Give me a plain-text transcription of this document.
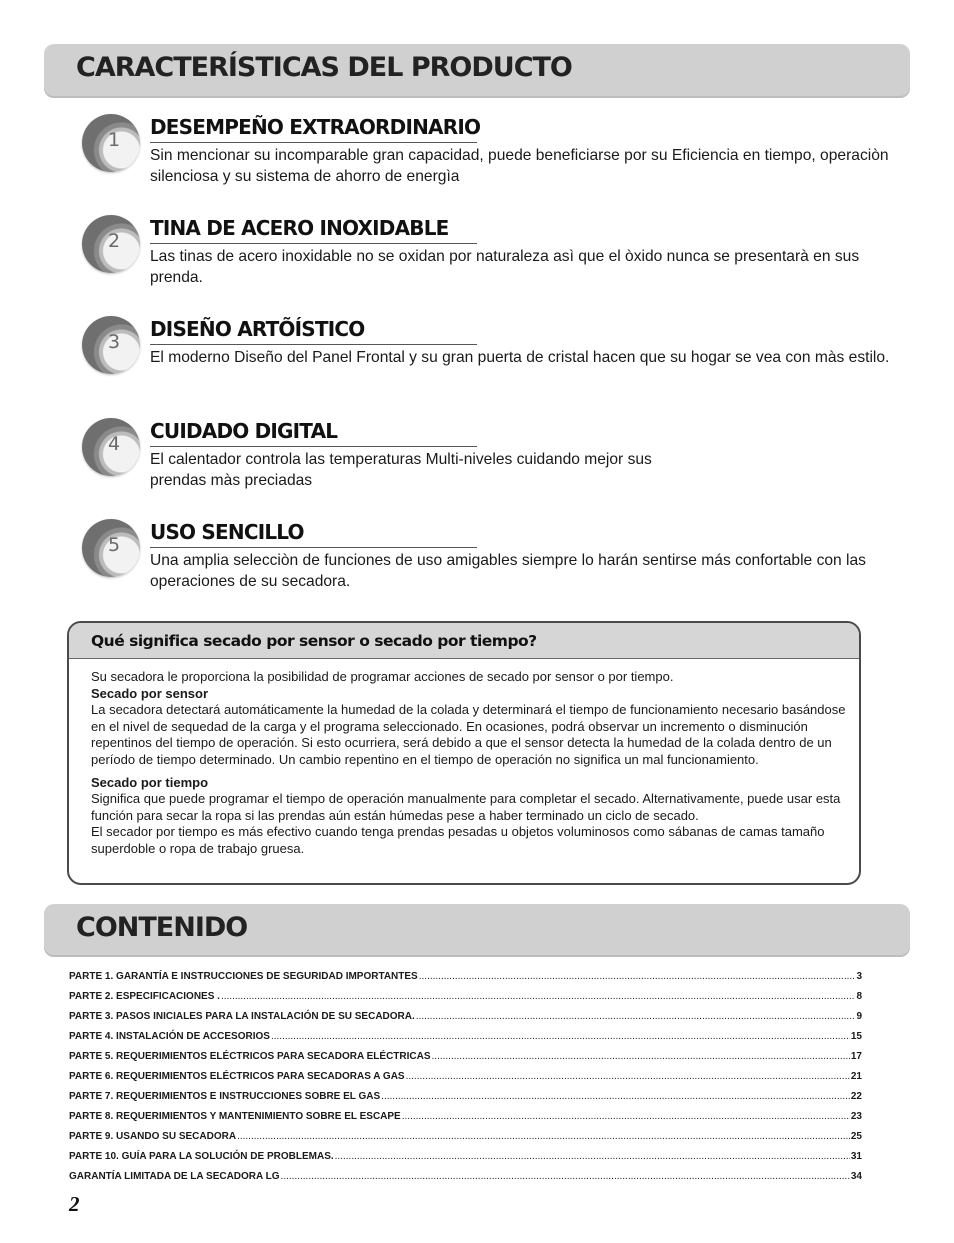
CARACTERÍSTICAS DEL PRODUCTO
1
DESEMPEÑO EXTRAORDINARIO
Sin mencionar su incomparable gran capacidad, puede beneficiarse por su Eficiencia en tiempo, operaciòn silenciosa y su sistema de ahorro de energìa
2
TINA DE ACERO INOXIDABLE
Las tinas de acero inoxidable no se oxidan por naturaleza asì que el òxido nunca se presentarà en sus prenda.
3
DISEÑO ARTÕÍSTICO
El moderno Diseño del Panel Frontal y su gran puerta de cristal hacen que su hogar se vea con màs estilo.
4
CUIDADO DIGITAL
El calentador controla las temperaturas Multi-niveles cuidando mejor sus
prendas màs preciadas
5
USO SENCILLO
Una amplia selecciòn de funciones de uso amigables siempre lo harán sentirse más confortable con las operaciones de su secadora.
Qué significa secado por sensor o secado por tiempo?

Su secadora le proporciona la posibilidad de programar acciones de secado por sensor o por tiempo.

Secado por sensor

La secadora detectará automáticamente la humedad de la colada y determinará el tiempo de funcionamiento necesario basándose en el nivel de sequedad de la carga y el programa seleccionado. En ocasiones, podrá observar un incremento o disminución repentinos del tiempo de operación. Si esto ocurriera, será debido a que el sensor detecta la humedad de la colada dentro de un período de tiempo determinado. Un cambio repentino en el tiempo de operación no significa un mal funcionamiento.

Secado por tiempo

Significa que puede programar el tiempo de operación manualmente para completar el secado. Alternativamente, puede usar esta función para secar la ropa si las prendas aún están húmedas pese a haber terminado un ciclo de secado.

El secador por tiempo es más efectivo cuando tenga prendas pesadas u objetos voluminosos como sábanas de camas tamaño superdoble o ropa de trabajo gruesa.

CONTENIDO
PARTE 1. GARANTÍA E INSTRUCCIONES DE SEGURIDAD IMPORTANTES .....	3
PARTE 2. ESPECIFICACIONES . .....	8
PARTE 3. PASOS INICIALES PARA LA INSTALACIÓN DE SU SECADORA. .....	9
PARTE 4. INSTALACIÓN DE ACCESORIOS .....	15
PARTE 5. REQUERIMIENTOS ELÉCTRICOS PARA SECADORA ELÉCTRICAS .....	17
PARTE 6. REQUERIMIENTOS ELÉCTRICOS PARA SECADORAS A GAS .....	21
PARTE 7. REQUERIMIENTOS E INSTRUCCIONES SOBRE EL GAS .....	22
PARTE 8. REQUERIMIENTOS Y MANTENIMIENTO SOBRE EL ESCAPE .....	23
PARTE 9. USANDO SU SECADORA .....	25
PARTE 10. GUÍA PARA LA SOLUCIÓN DE PROBLEMAS. .....	31
GARANTÍA LIMITADA DE LA SECADORA LG .....	34
2
